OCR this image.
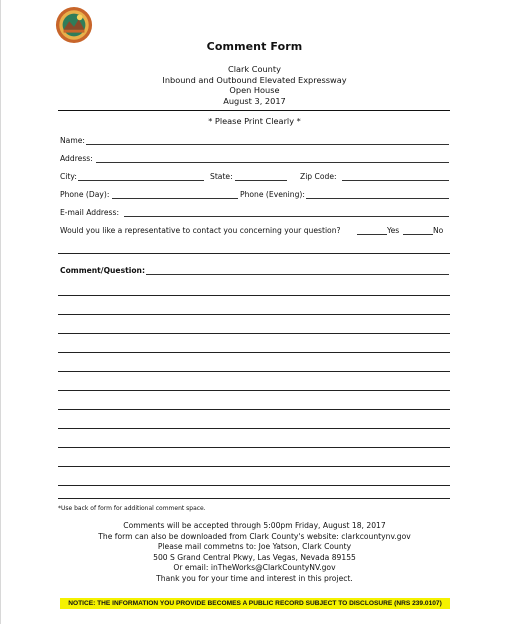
Comment Form
Clark County
Inbound and Outbound Elevated Expressway
Open House
August 3, 2017
* Please Print Clearly *
Name:
Address:
City:	State:	Zip Code:
Phone (Day):	Phone (Evening):
E-mail Address:
Would you like a representative to contact you concerning your question?	Yes	No
Comment/Question:
*Use back of form for additional comment space.
Comments will be accepted through 5:00pm Friday, August 18, 2017
The form can also be downloaded from Clark County's website: clarkcountynv.gov
Please mail commetns to: Joe Yatson, Clark County
500 S Grand Central Pkwy, Las Vegas, Nevada 89155
Or email: inTheWorks@ClarkCountyNV.gov
Thank you for your time and interest in this project.
NOTICE: THE INFORMATION YOU PROVIDE BECOMES A PUBLIC RECORD SUBJECT TO DISCLOSURE (NRS 239.0107)
